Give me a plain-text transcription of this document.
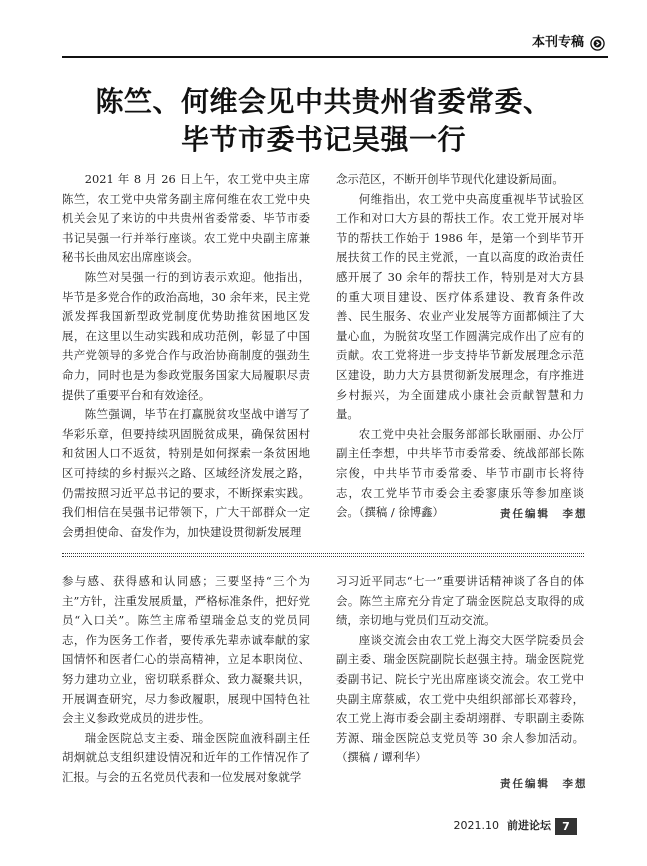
本刊专稿
陈竺、何维会见中共贵州省委常委、
毕节市委书记吴强一行

2021 年 8 月 26 日上午，农工党中央主席陈竺，农工党中央常务副主席何维在农工党中央机关会见了来访的中共贵州省委常委、毕节市委书记吴强一行并举行座谈。农工党中央副主席兼秘书长曲凤宏出席座谈会。

陈竺对吴强一行的到访表示欢迎。他指出，毕节是多党合作的政治高地，30 余年来，民主党派发挥我国新型政党制度优势助推贫困地区发展，在这里以生动实践和成功范例，彰显了中国共产党领导的多党合作与政治协商制度的强劲生命力，同时也是为参政党服务国家大局履职尽责提供了重要平台和有效途径。

陈竺强调，毕节在打赢脱贫攻坚战中谱写了华彩乐章，但要持续巩固脱贫成果，确保贫困村和贫困人口不返贫，特别是如何探索一条贫困地区可持续的乡村振兴之路、区域经济发展之路，仍需按照习近平总书记的要求，不断探索实践。我们相信在吴强书记带领下，广大干部群众一定会勇担使命、奋发作为，加快建设贯彻新发展理

念示范区，不断开创毕节现代化建设新局面。

何维指出，农工党中央高度重视毕节试验区工作和对口大方县的帮扶工作。农工党开展对毕节的帮扶工作始于 1986 年，是第一个到毕节开展扶贫工作的民主党派，一直以高度的政治责任感开展了 30 余年的帮扶工作，特别是对大方县的重大项目建设、医疗体系建设、教育条件改善、民生服务、农业产业发展等方面都倾注了大量心血，为脱贫攻坚工作圆满完成作出了应有的贡献。农工党将进一步支持毕节新发展理念示范区建设，助力大方县贯彻新发展理念，有序推进乡村振兴，为全面建成小康社会贡献智慧和力量。

农工党中央社会服务部部长耿丽丽、办公厅副主任李想，中共毕节市委常委、统战部部长陈宗俊，中共毕节市委常委、毕节市副市长将待志，农工党毕节市委会主委寥康乐等参加座谈会。（撰稿 / 徐博鑫）	责任编辑　李想

参与感、获得感和认同感；三要坚持“三个为主”方针，注重发展质量，严格标准条件，把好党员“入口关”。陈竺主席希望瑞金总支的党员同志，作为医务工作者，要传承先辈赤诚奉献的家国情怀和医者仁心的崇高精神，立足本职岗位、努力建功立业，密切联系群众、致力凝聚共识，开展调查研究，尽力参政履职，展现中国特色社会主义参政党成员的进步性。

瑞金医院总支主委、瑞金医院血液科副主任胡炯就总支组织建设情况和近年的工作情况作了汇报。与会的五名党员代表和一位发展对象就学

习习近平同志“七一”重要讲话精神谈了各自的体会。陈竺主席充分肯定了瑞金医院总支取得的成绩，亲切地与党员们互动交流。

座谈交流会由农工党上海交大医学院委员会副主委、瑞金医院副院长赵强主持。瑞金医院党委副书记、院长宁光出席座谈交流会。农工党中央副主席蔡威，农工党中央组织部部长邓蓉玲，农工党上海市委会副主委胡翊群、专职副主委陈芳源、瑞金医院总支党员等 30 余人参加活动。（撰稿 / 谭利华）

责任编辑　李想
2021.10 前进论坛	7
